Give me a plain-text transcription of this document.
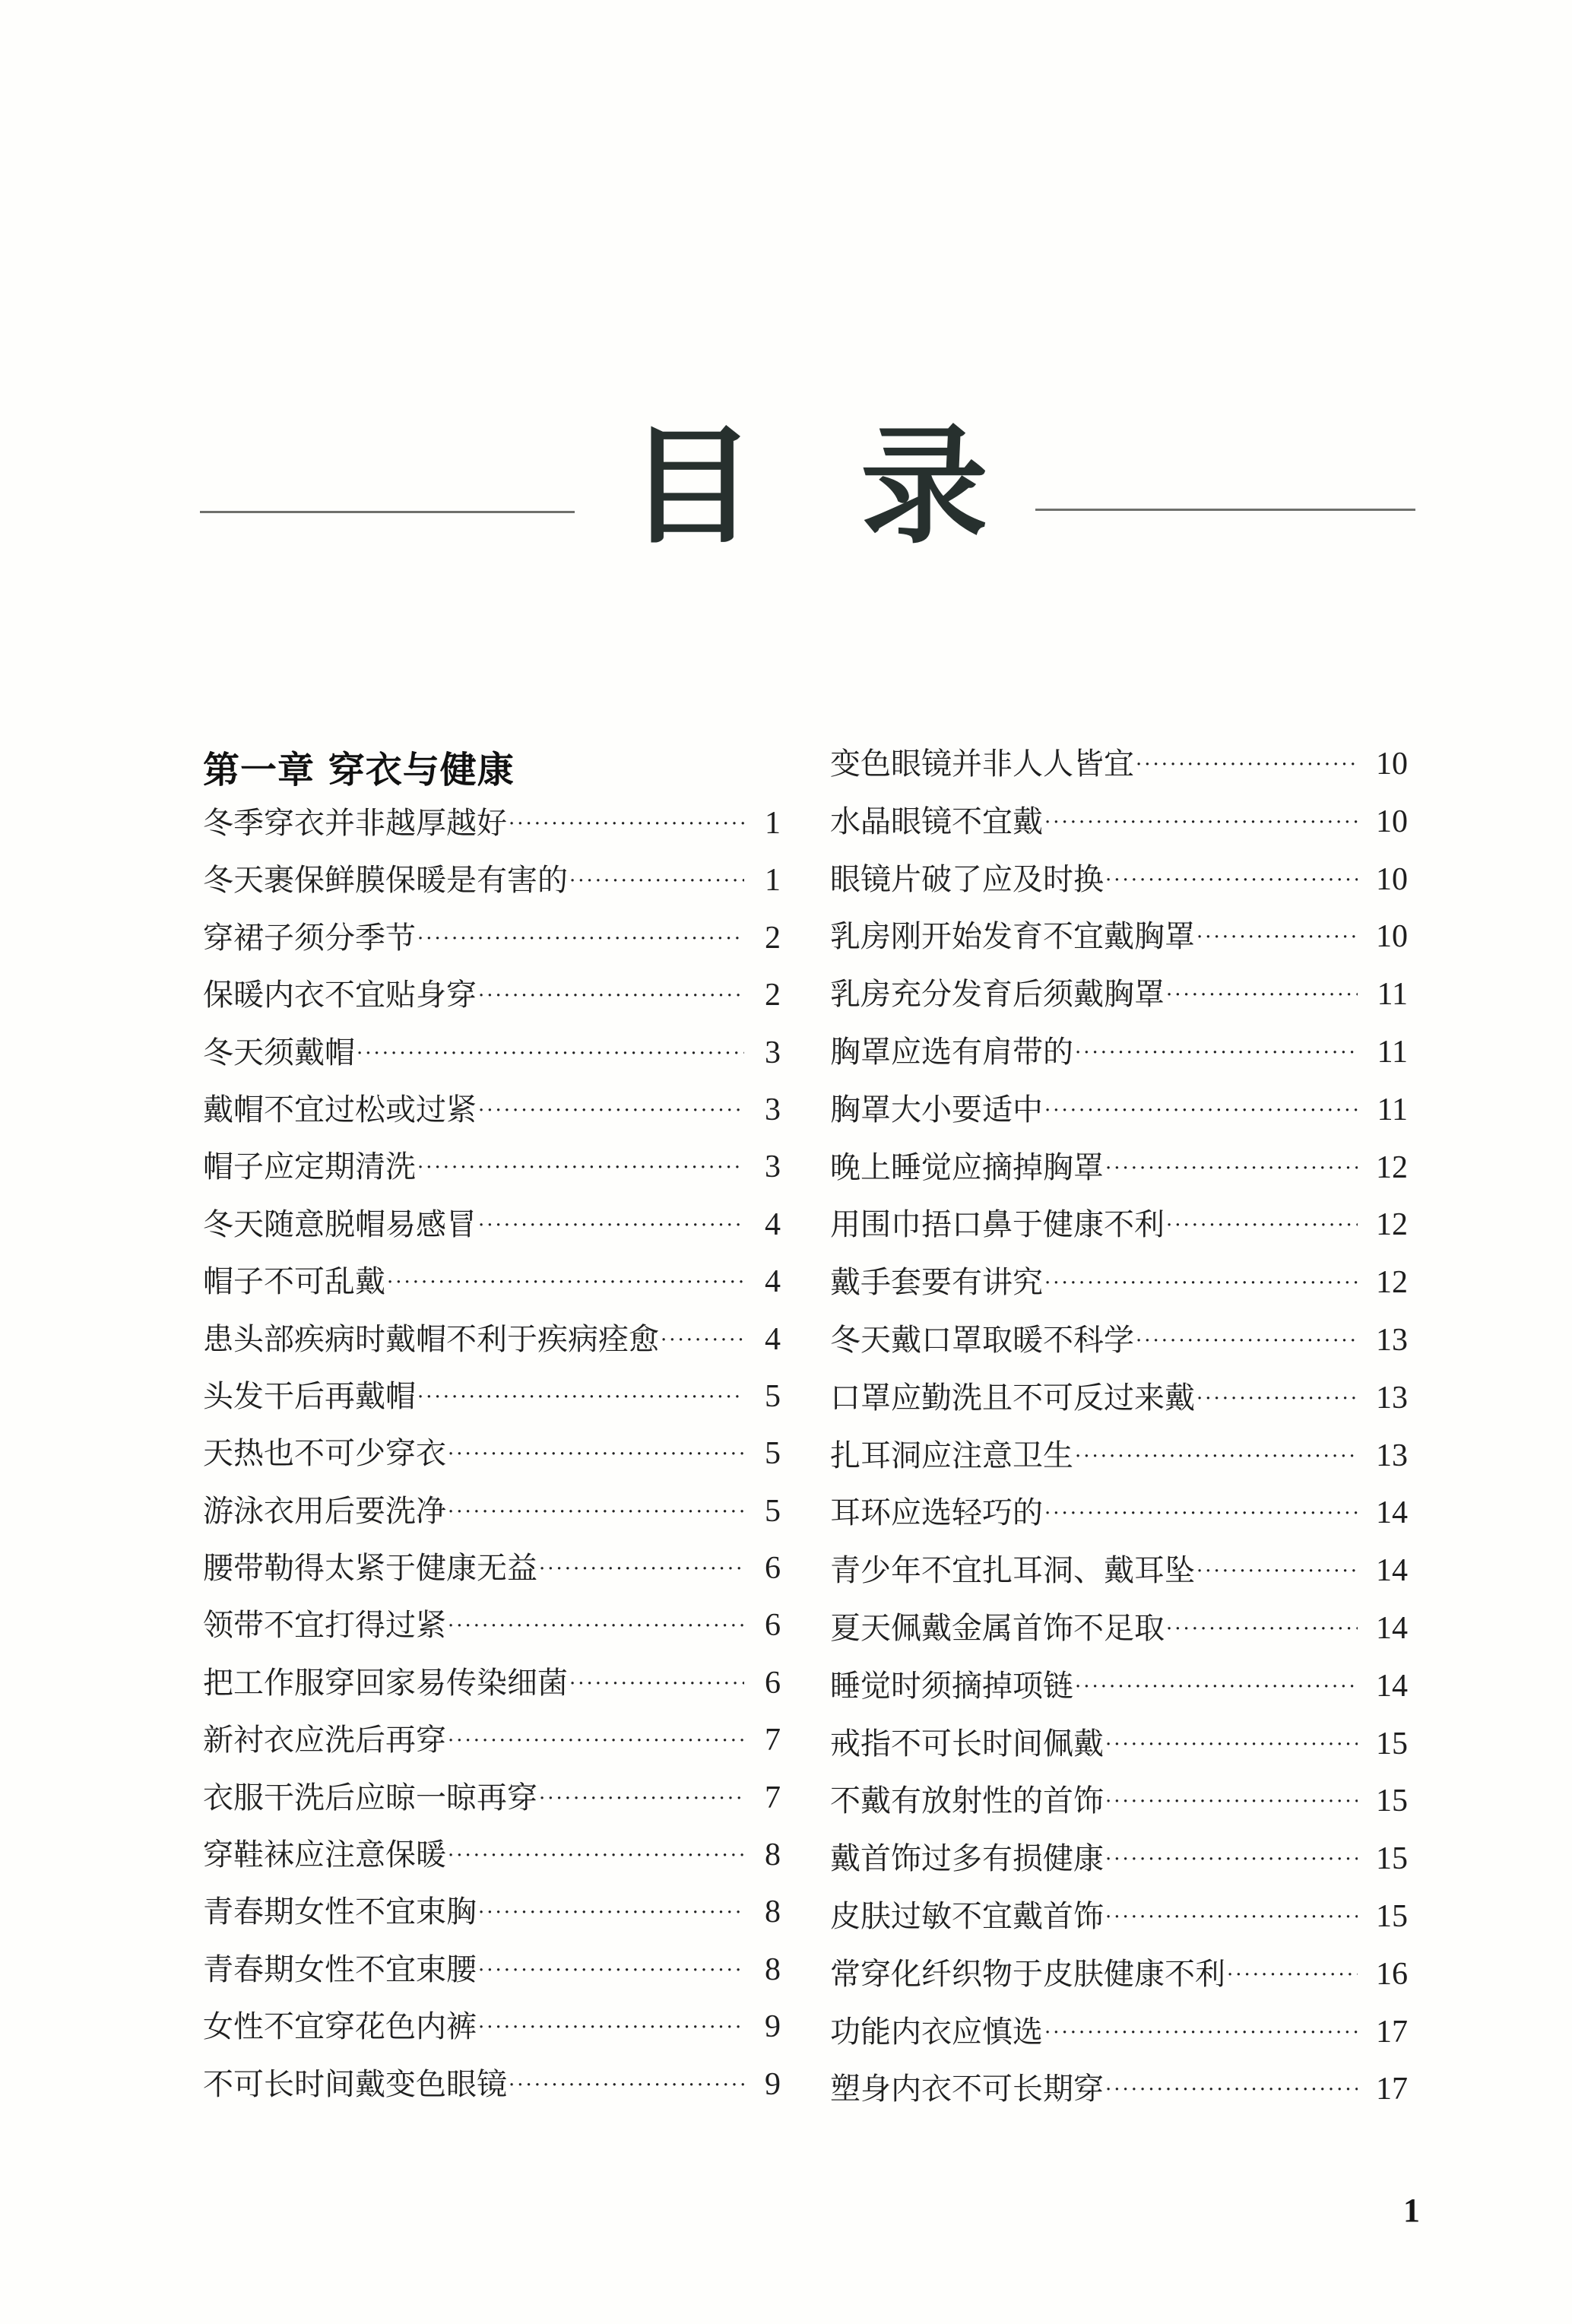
目 录
第一章 穿衣与健康
冬季穿衣并非越厚越好 ·····	1
冬天裹保鲜膜保暖是有害的 ·····	1
穿裙子须分季节 ·····	2
保暖内衣不宜贴身穿 ·····	2
冬天须戴帽 ·····	3
戴帽不宜过松或过紧 ·····	3
帽子应定期清洗 ·····	3
冬天随意脱帽易感冒 ·····	4
帽子不可乱戴 ·····	4
患头部疾病时戴帽不利于疾病痊愈 ·····	4
头发干后再戴帽 ·····	5
天热也不可少穿衣 ·····	5
游泳衣用后要洗净 ·····	5
腰带勒得太紧于健康无益 ·····	6
领带不宜打得过紧 ·····	6
把工作服穿回家易传染细菌 ·····	6
新衬衣应洗后再穿 ·····	7
衣服干洗后应晾一晾再穿 ·····	7
穿鞋袜应注意保暖 ·····	8
青春期女性不宜束胸 ·····	8
青春期女性不宜束腰 ·····	8
女性不宜穿花色内裤 ·····	9
不可长时间戴变色眼镜 ·····	9
变色眼镜并非人人皆宜 ·····	10
水晶眼镜不宜戴 ·····	10
眼镜片破了应及时换 ·····	10
乳房刚开始发育不宜戴胸罩 ·····	10
乳房充分发育后须戴胸罩 ·····	11
胸罩应选有肩带的 ·····	11
胸罩大小要适中 ·····	11
晚上睡觉应摘掉胸罩 ·····	12
用围巾捂口鼻于健康不利 ·····	12
戴手套要有讲究 ·····	12
冬天戴口罩取暖不科学 ·····	13
口罩应勤洗且不可反过来戴 ·····	13
扎耳洞应注意卫生 ·····	13
耳环应选轻巧的 ·····	14
青少年不宜扎耳洞、戴耳坠 ·····	14
夏天佩戴金属首饰不足取 ·····	14
睡觉时须摘掉项链 ·····	14
戒指不可长时间佩戴 ·····	15
不戴有放射性的首饰 ·····	15
戴首饰过多有损健康 ·····	15
皮肤过敏不宜戴首饰 ·····	15
常穿化纤织物于皮肤健康不利 ·····	16
功能内衣应慎选 ·····	17
塑身内衣不可长期穿 ·····	17
1
